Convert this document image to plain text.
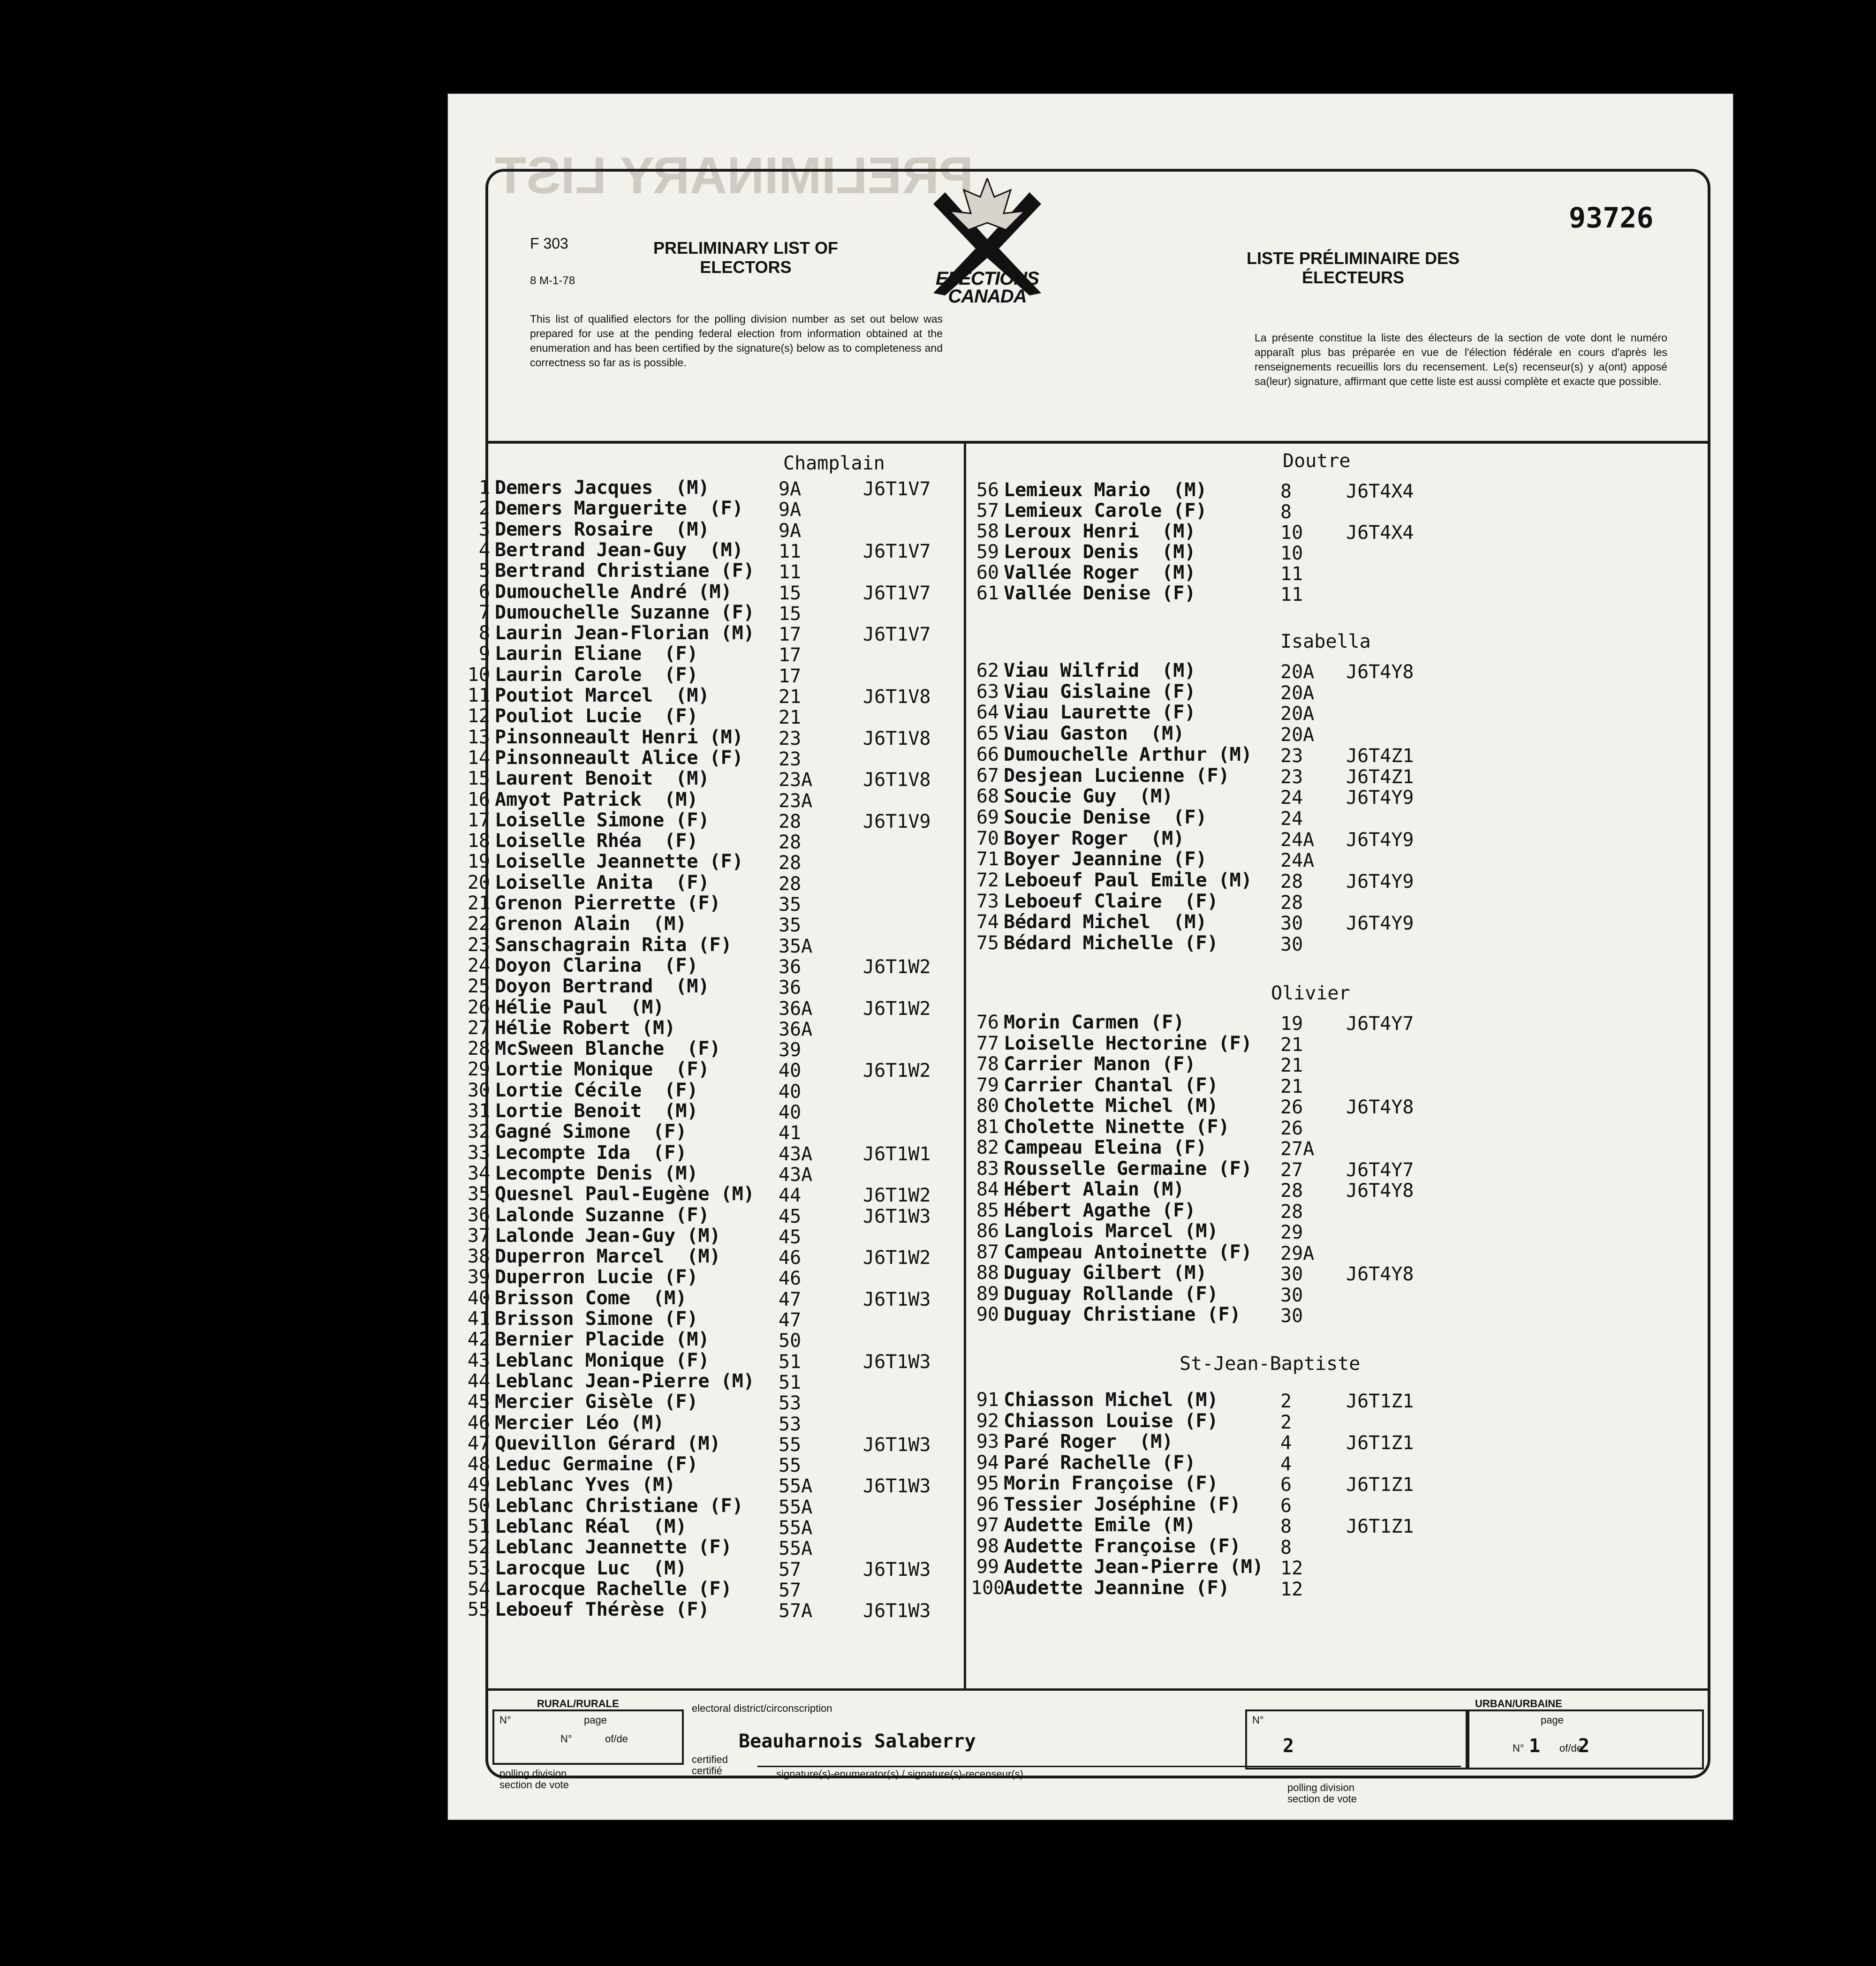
PRELIMINARY LIST
F 303
8 M-1-78
PRELIMINARY LIST OF ELECTORS
ELECTIONS CANADA
LISTE PRÉLIMINAIRE DES ÉLECTEURS
93726
This list of qualified electors for the polling division number as set out below was prepared for use at the pending federal election from information obtained at the enumeration and has been certified by the signature(s) below as to completeness and correctness so far as is possible.
La présente constitue la liste des électeurs de la section de vote dont le numéro apparaît plus bas préparée en vue de l'élection fédérale en cours d'après les renseignements recueillis lors du recensement. Le(s) recenseur(s) y a(ont) apposé sa(leur) signature, affirmant que cette liste est aussi complète et exacte que possible.
Champlain	Doutre
Isabella
Olivier
St-Jean-Baptiste
1 Demers Jacques  (M)	9A	J6T1V7
2 Demers Marguerite  (F) 9A
3 Demers Rosaire  (M)	9A
4 Bertrand Jean-Guy  (M) 11	J6T1V7
5 Bertrand Christiane (F) 11
6 Dumouchelle André (M) 15	J6T1V7
7 Dumouchelle Suzanne (F) 15
8 Laurin Jean-Florian (M) 17	J6T1V7
9 Laurin Eliane  (F)	17
10 Laurin Carole  (F)	17
11 Poutiot Marcel  (M)	21	J6T1V8
12 Pouliot Lucie  (F)	21
13 Pinsonneault Henri (M) 23	J6T1V8
14 Pinsonneault Alice (F) 23
15 Laurent Benoit  (M)	23A	J6T1V8
16 Amyot Patrick  (M)	23A
17 Loiselle Simone (F)	28	J6T1V9
18 Loiselle Rhéa  (F)	28
19 Loiselle Jeannette (F) 28
20 Loiselle Anita  (F)	28
21 Grenon Pierrette (F)	35
22 Grenon Alain  (M)	35
23 Sanschagrain Rita (F) 35A
24 Doyon Clarina  (F)	36	J6T1W2
25 Doyon Bertrand  (M)	36
26 Hélie Paul  (M)	36A	J6T1W2
27 Hélie Robert (M)	36A
28 McSween Blanche  (F)	39
29 Lortie Monique  (F)	40	J6T1W2
30 Lortie Cécile  (F)	40
31 Lortie Benoit  (M)	40
32 Gagné Simone  (F)	41
33 Lecompte Ida  (F)	43A	J6T1W1
34 Lecompte Denis (M)	43A
35 Quesnel Paul-Eugène (M) 44	J6T1W2
36 Lalonde Suzanne (F)	45	J6T1W3
37 Lalonde Jean-Guy (M)	45
38 Duperron Marcel  (M)	46	J6T1W2
39 Duperron Lucie (F)	46
40 Brisson Come  (M)	47	J6T1W3
41 Brisson Simone (F)	47
42 Bernier Placide (M)	50
43 Leblanc Monique (F)	51	J6T1W3
44 Leblanc Jean-Pierre (M) 51
45 Mercier Gisèle (F)	53
46 Mercier Léo (M)	53
47 Quevillon Gérard (M)	55	J6T1W3
48 Leduc Germaine (F)	55
49 Leblanc Yves (M)	55A	J6T1W3
50 Leblanc Christiane (F) 55A
51 Leblanc Réal  (M)	55A
52 Leblanc Jeannette (F) 55A
53 Larocque Luc  (M)	57	J6T1W3
54 Larocque Rachelle (F) 57
55 Leboeuf Thérèse (F)	57A	J6T1W3
56 Lemieux Mario  (M)	8	J6T4X4
57 Lemieux Carole (F)	8
58 Leroux Henri  (M)	10 J6T4X4
59 Leroux Denis  (M)	10
60 Vallée Roger  (M)	11
61 Vallée Denise (F)	11
62 Viau Wilfrid  (M)	20A J6T4Y8
63 Viau Gislaine (F)	20A
64 Viau Laurette (F)	20A
65 Viau Gaston  (M)	20A
66 Dumouchelle Arthur (M) 23 J6T4Z1
67 Desjean Lucienne (F)	23 J6T4Z1
68 Soucie Guy  (M)	24 J6T4Y9
69 Soucie Denise  (F)	24
70 Boyer Roger  (M)	24A J6T4Y9
71 Boyer Jeannine (F)	24A
72 Leboeuf Paul Emile (M) 28 J6T4Y9
73 Leboeuf Claire  (F)	28
74 Bédard Michel  (M)	30 J6T4Y9
75 Bédard Michelle (F)	30
76 Morin Carmen (F)	19 J6T4Y7
77 Loiselle Hectorine (F) 21
78 Carrier Manon (F)	21
79 Carrier Chantal (F)	21
80 Cholette Michel (M)	26 J6T4Y8
81 Cholette Ninette (F)	26
82 Campeau Eleina (F)	27A
83 Rousselle Germaine (F) 27 J6T4Y7
84 Hébert Alain (M)	28 J6T4Y8
85 Hébert Agathe (F)	28
86 Langlois Marcel (M)	29
87 Campeau Antoinette (F) 29A
88 Duguay Gilbert (M)	30 J6T4Y8
89 Duguay Rollande (F)	30
90 Duguay Christiane (F) 30
91 Chiasson Michel (M)	2	J6T1Z1
92 Chiasson Louise (F)	2
93 Paré Roger  (M)	4	J6T1Z1
94 Paré Rachelle (F)	4
95 Morin Françoise (F)	6	J6T1Z1
96 Tessier Joséphine (F) 6
97 Audette Emile (M)	8	J6T1Z1
98 Audette Françoise (F) 8
99 Audette Jean-Pierre (M) 12
100Audette Jeannine (F)	12
RURAL/RURALE
N°	page
N°	of/de
polling division
section de vote
electoral district/circonscription
Beauharnois Salaberry
certified
certifié	signature(s)-enumerator(s) / signature(s)-recenseur(s)
URBAN/URBAINE
N°
2
page
N° 1 of/de
2
polling division
section de vote
